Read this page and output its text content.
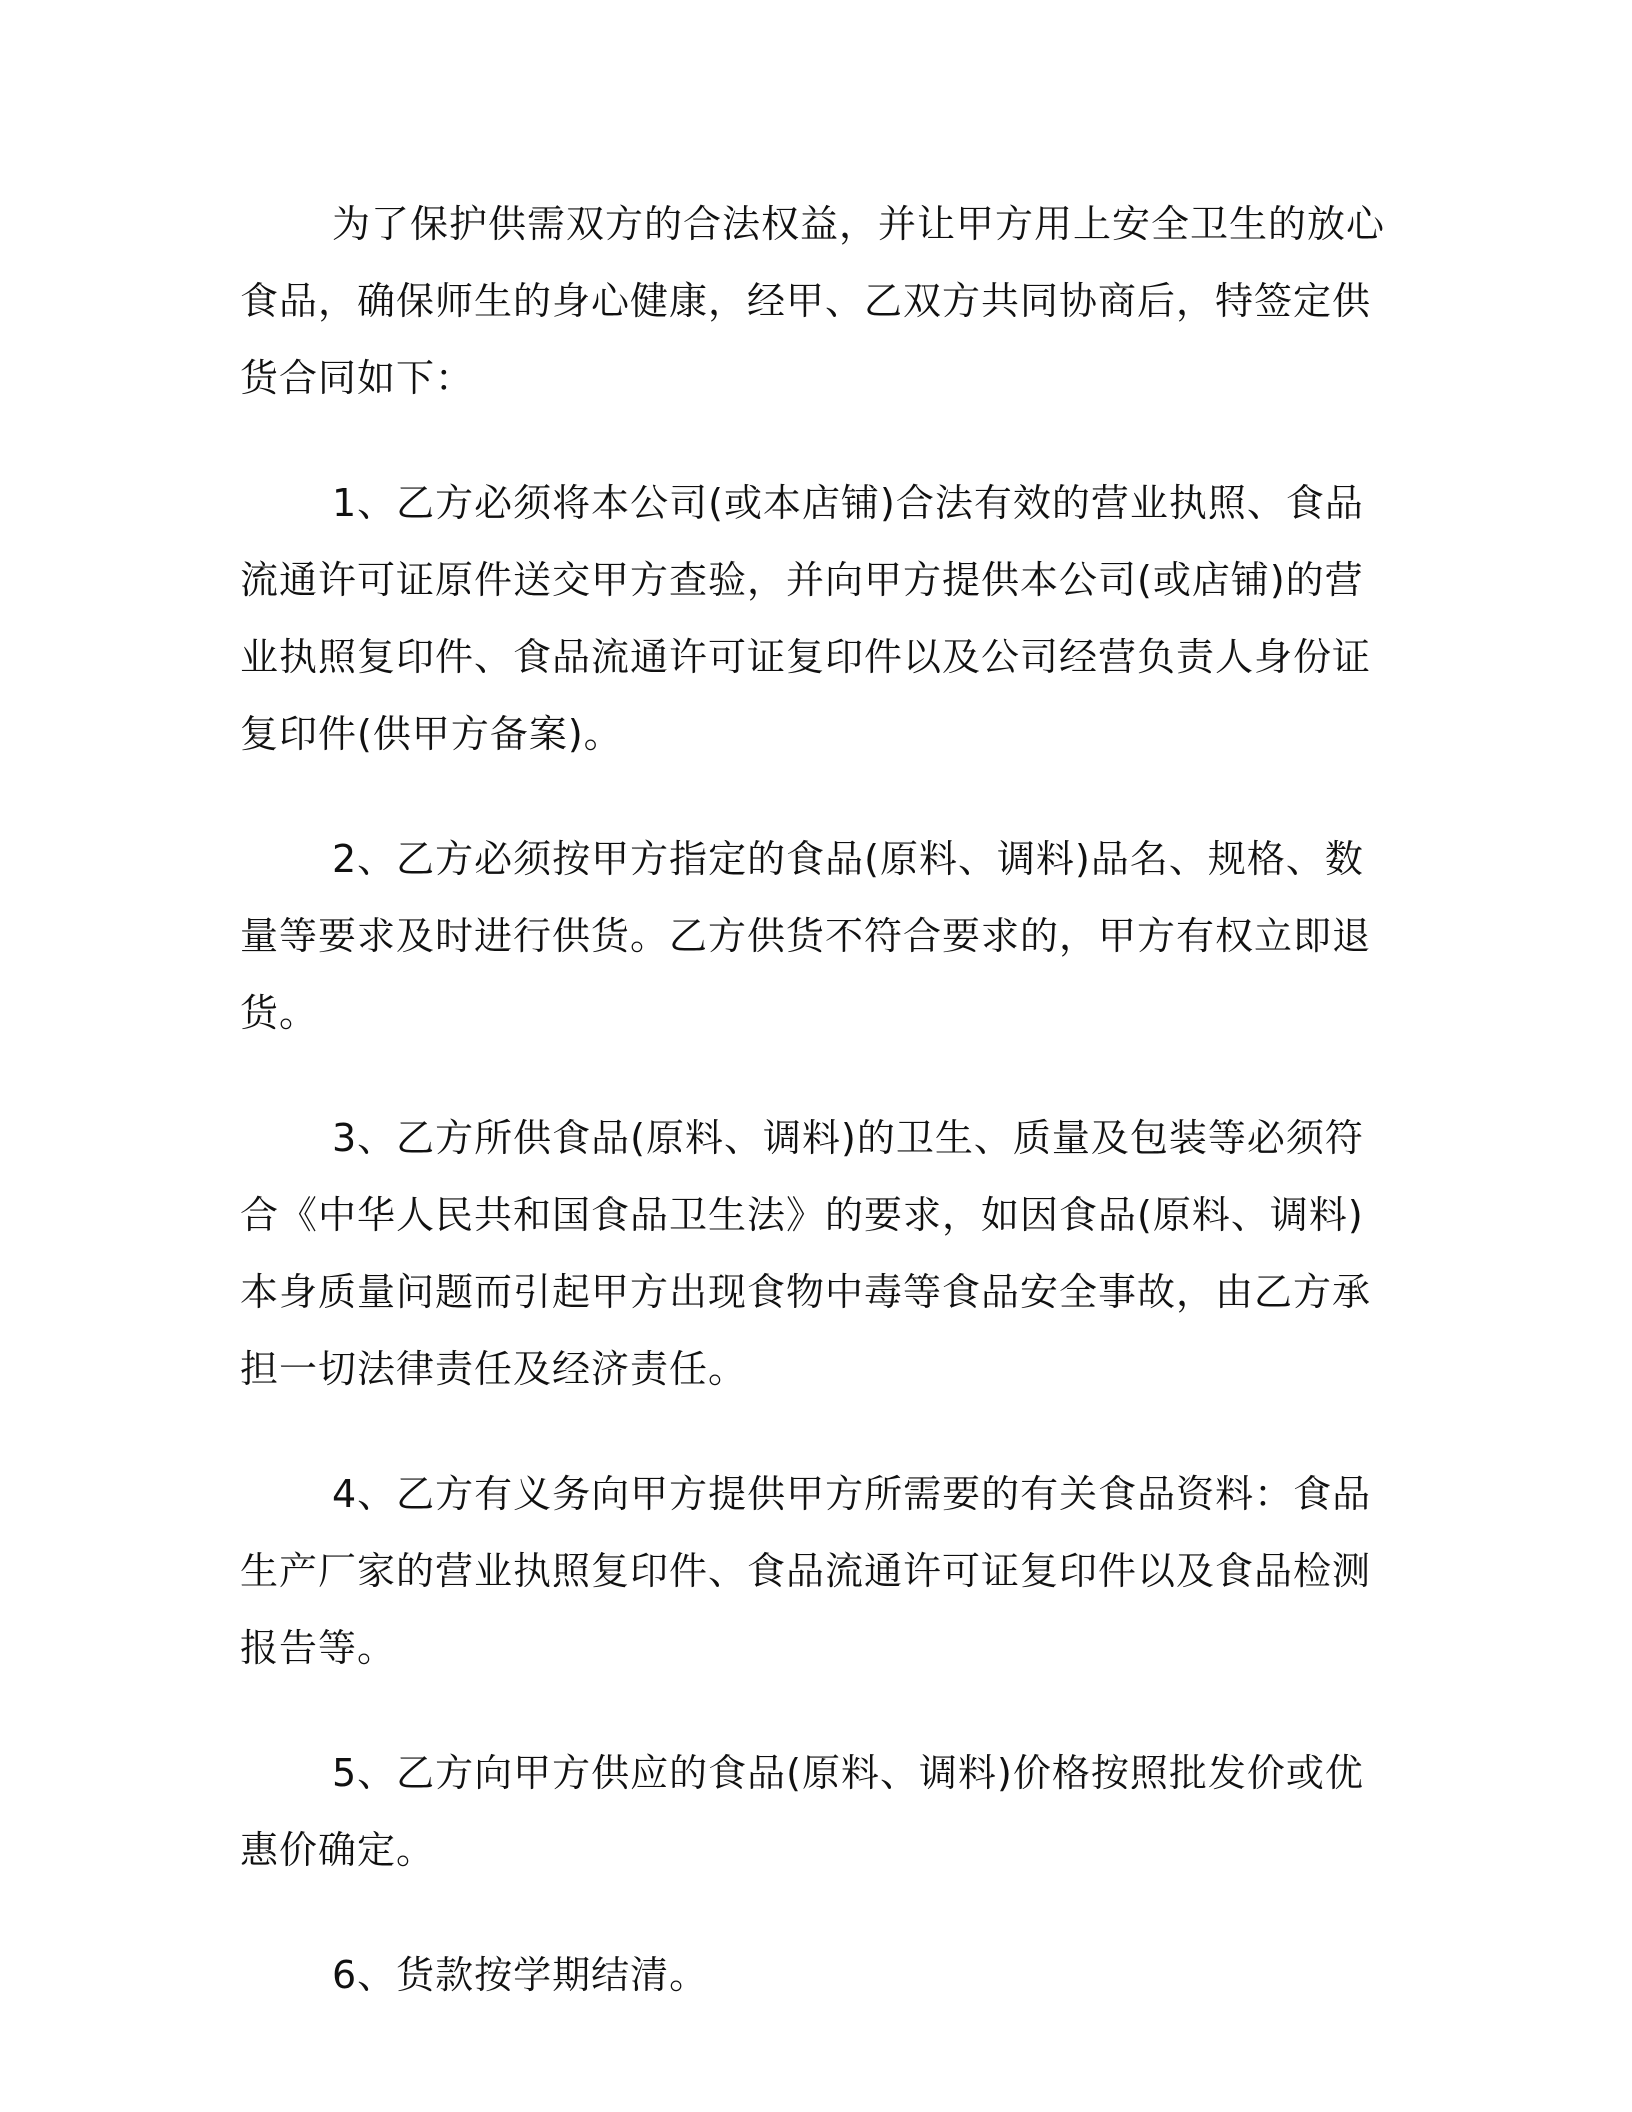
为了保护供需双方的合法权益，并让甲方用上安全卫生的放心食品，确保师生的身心健康，经甲、乙双方共同协商后，特签定供货合同如下：

1、乙方必须将本公司(或本店铺)合法有效的营业执照、食品流通许可证原件送交甲方查验，并向甲方提供本公司(或店铺)的营业执照复印件、食品流通许可证复印件以及公司经营负责人身份证复印件(供甲方备案)。

2、乙方必须按甲方指定的食品(原料、调料)品名、规格、数量等要求及时进行供货。乙方供货不符合要求的，甲方有权立即退货。

3、乙方所供食品(原料、调料)的卫生、质量及包装等必须符合《中华人民共和国食品卫生法》的要求，如因食品(原料、调料)本身质量问题而引起甲方出现食物中毒等食品安全事故，由乙方承担一切法律责任及经济责任。

4、乙方有义务向甲方提供甲方所需要的有关食品资料：食品生产厂家的营业执照复印件、食品流通许可证复印件以及食品检测报告等。

5、乙方向甲方供应的食品(原料、调料)价格按照批发价或优惠价确定。

6、货款按学期结清。
